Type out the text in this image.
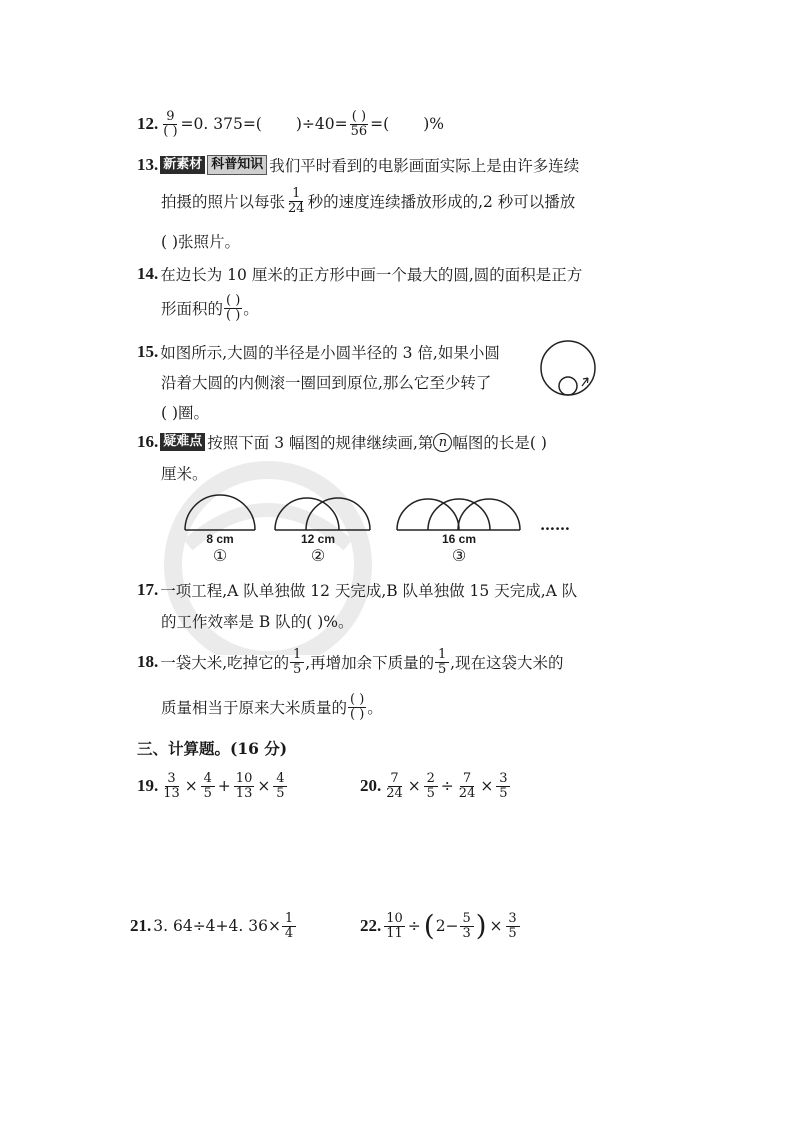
12. $\frac{9}{( )} =0$. 375=( )$\div 40= \frac{( )}{56}$ =( )%
13. 新素材 科普知识 我们平时看到的电影画面实际上是由许多连续
拍摄的照片以每张 $\frac{1}{24}$ 秒的速度连续播放形成的,2 秒可以播放
( )张照片。
14. 在边长为 10 厘米的正方形中画一个最大的圆,圆的面积是正方
形面积的 $\frac{( )}{( )}$ 。
15. 如图所示,大圆的半径是小圆半径的 3 倍,如果小圆
沿着大圆的内侧滚一圈回到原位,那么它至少转了
( )圈。
16. 疑难点 按照下面 3 幅图的规律继续画,第 n 幅图的长是( )
厘米。
8 cm	12 cm	16 cm
①	②	③
……
17. 一项工程,A 队单独做 12 天完成,B 队单独做 15 天完成,A 队
的工作效率是 B 队的( )%。
18. 一袋大米,吃掉它的 $\frac{1}{5}$ ,再增加余下质量的 $\frac{1}{5}$ ,现在这袋大米的
质量相当于原来大米质量的 $\frac{( )}{( )}$ 。
三、计算题。(16 分)
19. $\frac{3}{13} \times \frac{4}{5} + \frac{10}{13} \times \frac{4}{5}$	20. $\frac{7}{24} \times \frac{2}{5} \div \frac{7}{24} \times \frac{3}{5}$
21. 3. 64÷4+4. $36\times \frac{1}{4}$	22. $\frac{10}{11}$ ÷ ( $2- \frac{5}{3}$ ) × $\frac{3}{5}$
